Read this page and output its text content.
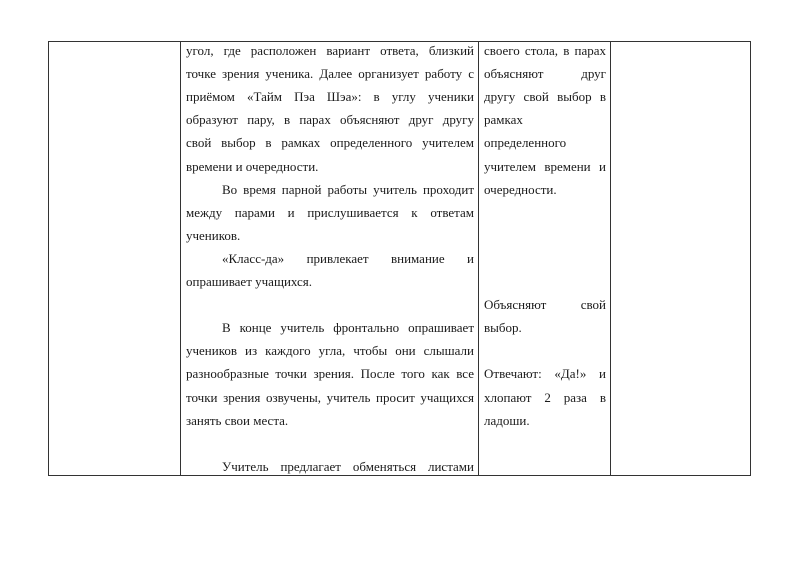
угол, где расположен вариант ответа, близкий
точке зрения ученика. Далее организует работу с
приёмом «Тайм Пэа Шэа»: в углу ученики
образуют пару, в парах объясняют друг другу
свой выбор в рамках определенного учителем
времени и очередности.
Во время парной работы учитель проходит
между парами и прислушивается к ответам
учеников.
«Класс-да» привлекает внимание и
опрашивает учащихся.
В конце учитель фронтально опрашивает
учеников из каждого угла, чтобы они слышали
разнообразные точки зрения. После того как все
точки зрения озвучены, учитель просит учащихся
занять свои места.
Учитель предлагает обменяться листами
своего стола, в парах
объясняют друг
другу свой выбор в
рамках
определенного
учителем времени и
очередности.
Объясняют свой
выбор.
Отвечают: «Да!» и
хлопают 2 раза в
ладоши.
